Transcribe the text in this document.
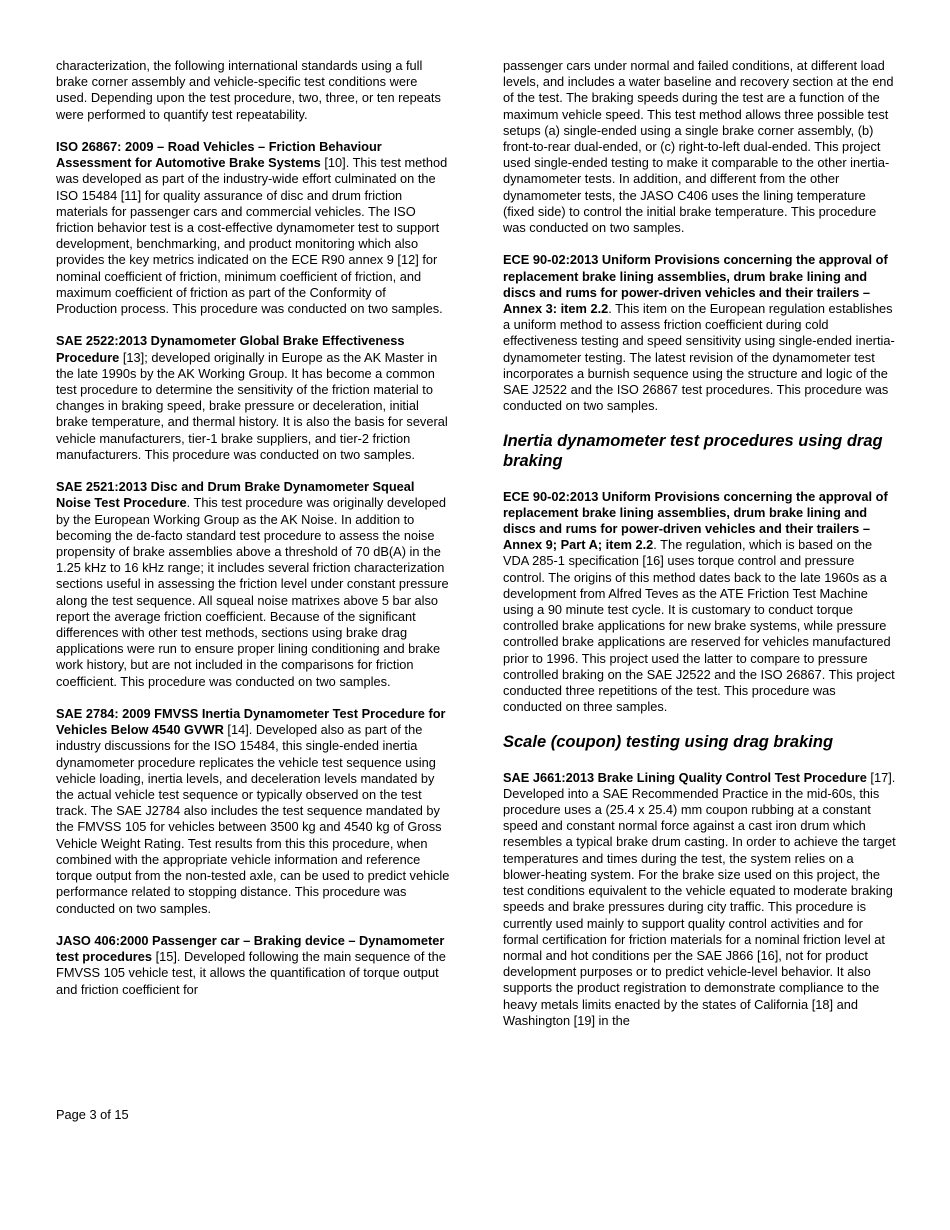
characterization, the following international standards using a full brake corner assembly and vehicle-specific test conditions were used. Depending upon the test procedure, two, three, or ten repeats were performed to quantify test repeatability.

ISO 26867: 2009 – Road Vehicles – Friction Behaviour Assessment for Automotive Brake Systems [10]. This test method was developed as part of the industry-wide effort culminated on the ISO 15484 [11] for quality assurance of disc and drum friction materials for passenger cars and commercial vehicles. The ISO friction behavior test is a cost-effective dynamometer test to support development, benchmarking, and product monitoring which also provides the key metrics indicated on the ECE R90 annex 9 [12] for nominal coefficient of friction, minimum coefficient of friction, and maximum coefficient of friction as part of the Conformity of Production process. This procedure was conducted on two samples.

SAE 2522:2013 Dynamometer Global Brake Effectiveness Procedure [13]; developed originally in Europe as the AK Master in the late 1990s by the AK Working Group. It has become a common test procedure to determine the sensitivity of the friction material to changes in braking speed, brake pressure or deceleration, initial brake temperature, and thermal history. It is also the basis for several vehicle manufacturers, tier-1 brake suppliers, and tier-2 friction manufacturers. This procedure was conducted on two samples.

SAE 2521:2013 Disc and Drum Brake Dynamometer Squeal Noise Test Procedure. This test procedure was originally developed by the European Working Group as the AK Noise. In addition to becoming the de-facto standard test procedure to assess the noise propensity of brake assemblies above a threshold of 70 dB(A) in the 1.25 kHz to 16 kHz range; it includes several friction characterization sections useful in assessing the friction level under constant pressure along the test sequence. All squeal noise matrixes above 5 bar also report the average friction coefficient. Because of the significant differences with other test methods, sections using brake drag applications were run to ensure proper lining conditioning and brake work history, but are not included in the comparisons for friction coefficient. This procedure was conducted on two samples.

SAE 2784: 2009 FMVSS Inertia Dynamometer Test Procedure for Vehicles Below 4540 GVWR [14]. Developed also as part of the industry discussions for the ISO 15484, this single-ended inertia dynamometer procedure replicates the vehicle test sequence using vehicle loading, inertia levels, and deceleration levels mandated by the actual vehicle test sequence or typically observed on the test track. The SAE J2784 also includes the test sequence mandated by the FMVSS 105 for vehicles between 3500 kg and 4540 kg of Gross Vehicle Weight Rating. Test results from this this procedure, when combined with the appropriate vehicle information and reference torque output from the non-tested axle, can be used to predict vehicle performance related to stopping distance. This procedure was conducted on two samples.

JASO 406:2000 Passenger car – Braking device – Dynamometer test procedures [15]. Developed following the main sequence of the FMVSS 105 vehicle test, it allows the quantification of torque output and friction coefficient for

passenger cars under normal and failed conditions, at different load levels, and includes a water baseline and recovery section at the end of the test. The braking speeds during the test are a function of the maximum vehicle speed. This test method allows three possible test setups (a) single-ended using a single brake corner assembly, (b) front-to-rear dual-ended, or (c) right-to-left dual-ended. This project used single-ended testing to make it comparable to the other inertia-dynamometer tests. In addition, and different from the other dynamometer tests, the JASO C406 uses the lining temperature (fixed side) to control the initial brake temperature. This procedure was conducted on two samples.

ECE 90-02:2013 Uniform Provisions concerning the approval of replacement brake lining assemblies, drum brake lining and discs and rums for power-driven vehicles and their trailers – Annex 3: item 2.2. This item on the European regulation establishes a uniform method to assess friction coefficient during cold effectiveness testing and speed sensitivity using single-ended inertia-dynamometer testing. The latest revision of the dynamometer test incorporates a burnish sequence using the structure and logic of the SAE J2522 and the ISO 26867 test procedures. This procedure was conducted on two samples.

Inertia dynamometer test procedures using drag braking

ECE 90-02:2013 Uniform Provisions concerning the approval of replacement brake lining assemblies, drum brake lining and discs and rums for power-driven vehicles and their trailers – Annex 9; Part A; item 2.2. The regulation, which is based on the VDA 285-1 specification [16] uses torque control and pressure control. The origins of this method dates back to the late 1960s as a development from Alfred Teves as the ATE Friction Test Machine using a 90 minute test cycle. It is customary to conduct torque controlled brake applications for new brake systems, while pressure controlled brake applications are reserved for vehicles manufactured prior to 1996. This project used the latter to compare to pressure controlled braking on the SAE J2522 and the ISO 26867. This project conducted three repetitions of the test. This procedure was conducted on three samples.

Scale (coupon) testing using drag braking

SAE J661:2013 Brake Lining Quality Control Test Procedure [17]. Developed into a SAE Recommended Practice in the mid-60s, this procedure uses a (25.4 x 25.4) mm coupon rubbing at a constant speed and constant normal force against a cast iron drum which resembles a typical brake drum casting. In order to achieve the target temperatures and times during the test, the system relies on a blower-heating system. For the brake size used on this project, the test conditions equivalent to the vehicle equated to moderate braking speeds and brake pressures during city traffic. This procedure is currently used mainly to support quality control activities and for formal certification for friction materials for a nominal friction level at normal and hot conditions per the SAE J866 [16], not for product development purposes or to predict vehicle-level behavior. It also supports the product registration to demonstrate compliance to the heavy metals limits enacted by the states of California [18] and Washington [19] in the

Page 3 of 15
